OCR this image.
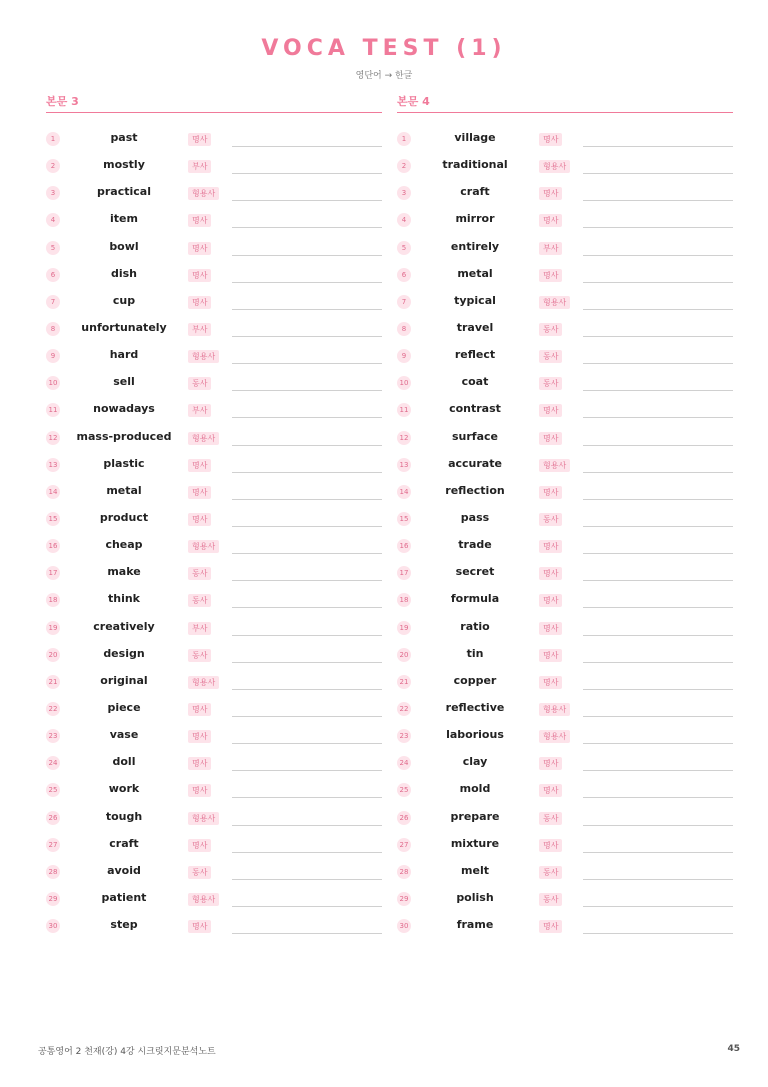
VOCA TEST (1)
영단어 → 한글
본문 3
1	past	명사
2	mostly	부사
3	practical	형용사
4	item	명사
5	bowl	명사
6	dish	명사
7	cup	명사
8	unfortunately	부사
9	hard	형용사
10	sell	동사
11	nowadays	부사
12	mass-produced	형용사
13	plastic	명사
14	metal	명사
15	product	명사
16	cheap	형용사
17	make	동사
18	think	동사
19	creatively	부사
20	design	동사
21	original	형용사
22	piece	명사
23	vase	명사
24	doll	명사
25	work	명사
26	tough	형용사
27	craft	명사
28	avoid	동사
29	patient	형용사
30	step	명사
본문 4
1	village	명사
2	traditional	형용사
3	craft	명사
4	mirror	명사
5	entirely	부사
6	metal	명사
7	typical	형용사
8	travel	동사
9	reflect	동사
10	coat	동사
11	contrast	명사
12	surface	명사
13	accurate	형용사
14	reflection	명사
15	pass	동사
16	trade	명사
17	secret	명사
18	formula	명사
19	ratio	명사
20	tin	명사
21	copper	명사
22	reflective	형용사
23	laborious	형용사
24	clay	명사
25	mold	명사
26	prepare	동사
27	mixture	명사
28	melt	동사
29	polish	동사
30	frame	명사
공통영어 2 천재(강) 4강 시크릿지문분석노트	45
